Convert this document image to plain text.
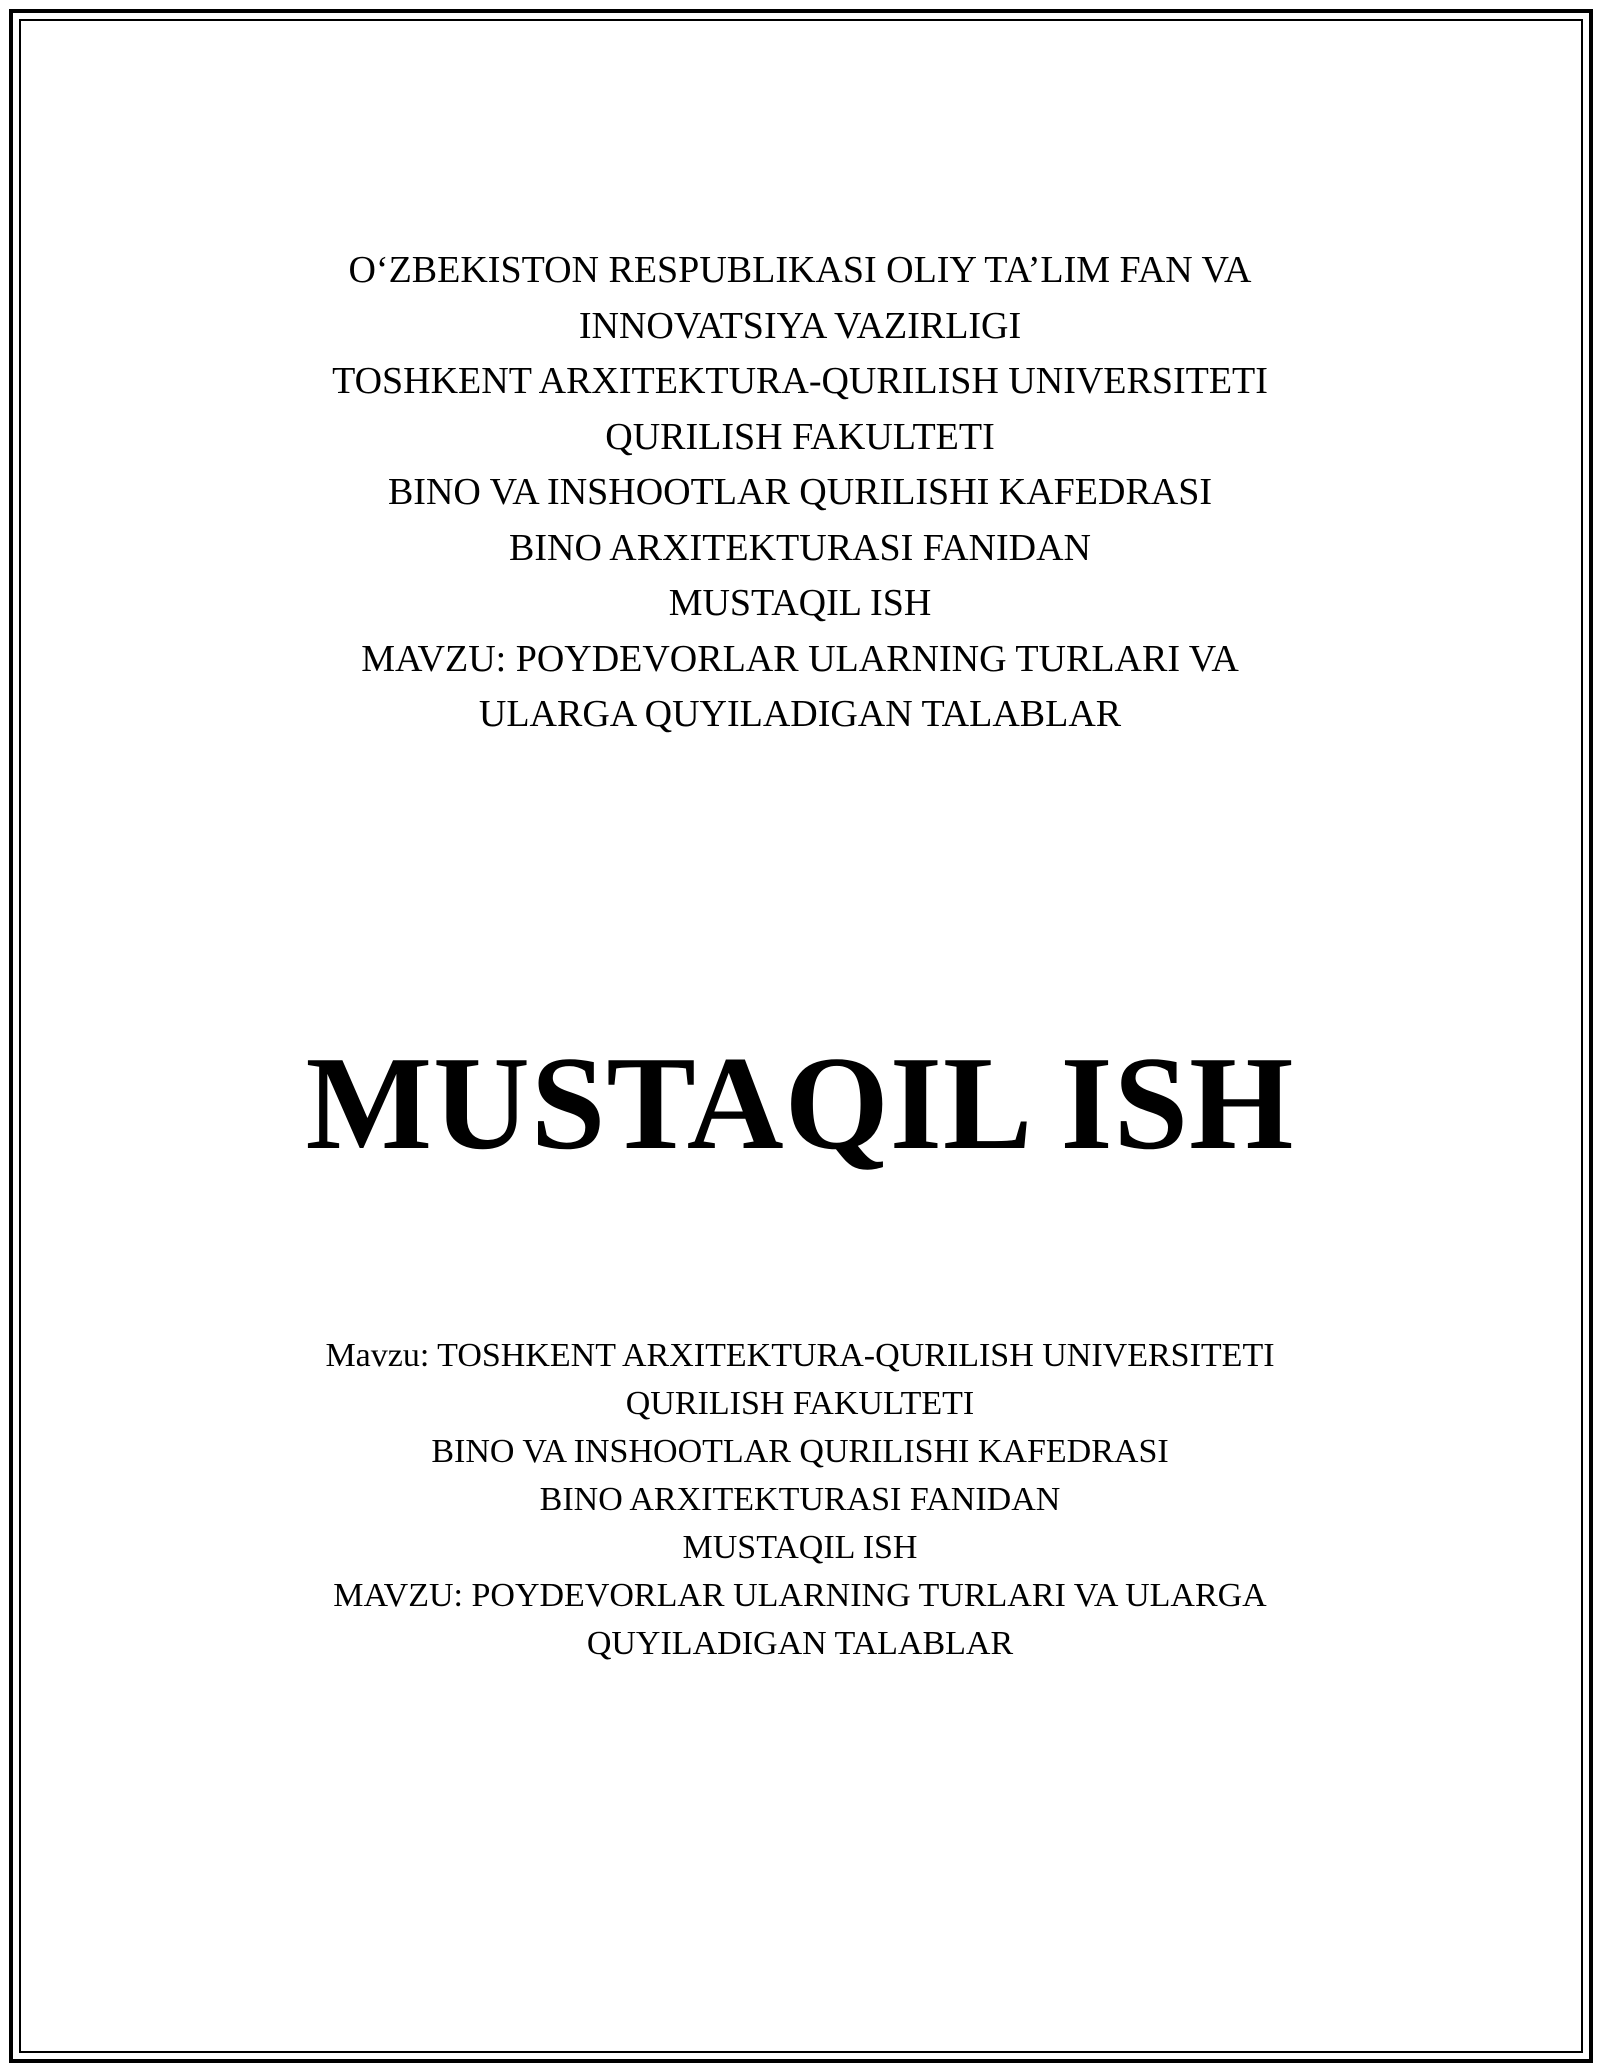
O‘ZBEKISTON RESPUBLIKASI OLIY TA’LIM FAN VA
INNOVATSIYA VAZIRLIGI
TOSHKENT ARXITEKTURA-QURILISH UNIVERSITETI
QURILISH FAKULTETI
BINO VA INSHOOTLAR QURILISHI KAFEDRASI
BINO ARXITEKTURASI FANIDAN
MUSTAQIL ISH
MAVZU: POYDEVORLAR ULARNING TURLARI VA
ULARGA QUYILADIGAN TALABLAR
MUSTAQIL ISH
Mavzu: TOSHKENT ARXITEKTURA-QURILISH UNIVERSITETI
QURILISH FAKULTETI
BINO VA INSHOOTLAR QURILISHI KAFEDRASI
BINO ARXITEKTURASI FANIDAN
MUSTAQIL ISH
MAVZU: POYDEVORLAR ULARNING TURLARI VA ULARGA
QUYILADIGAN TALABLAR
